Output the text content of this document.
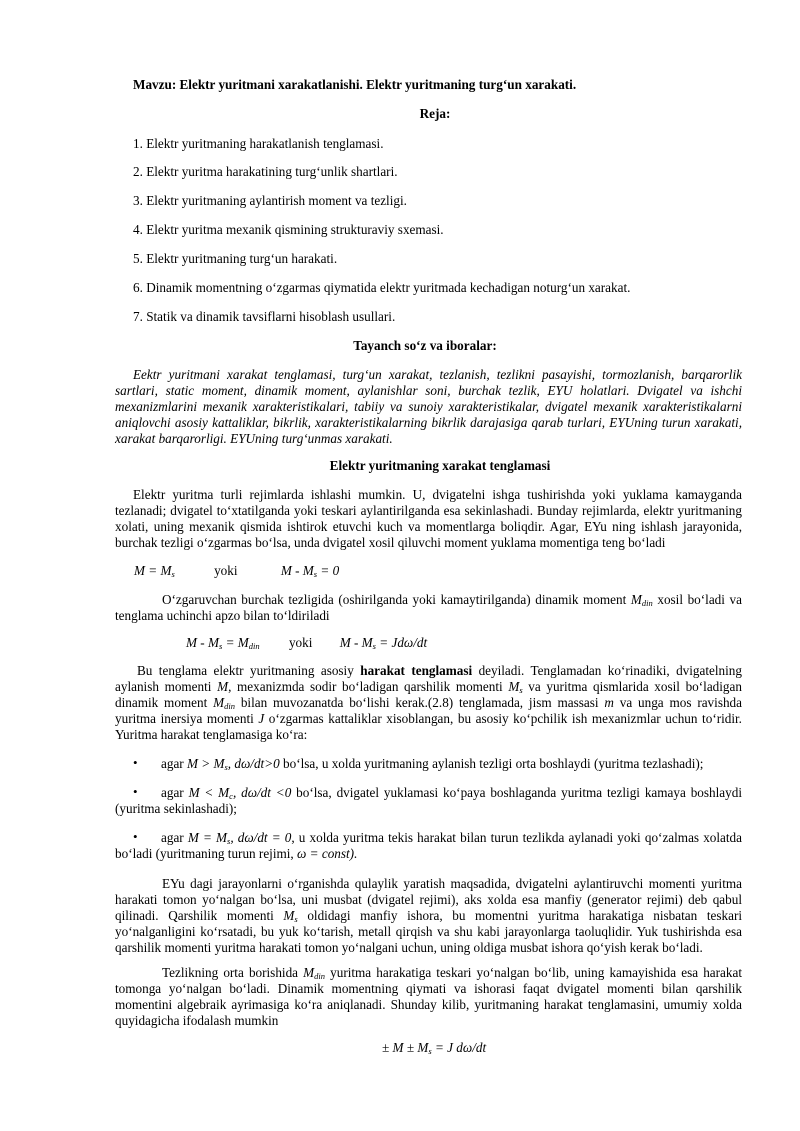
Mavzu: Elektr yuritmani xarakatlanishi. Elektr yuritmaning turg‘un xarakati.
Reja:
1. Elektr yuritmaning harakatlanish tenglamasi.
2. Elektr yuritma harakatining turg‘unlik shartlari.
3. Elektr yuritmaning aylantirish moment va tezligi.
4. Elektr yuritma mexanik qismining strukturaviy sxemasi.
5. Elektr yuritmaning turg‘un harakati.
6. Dinamik momentning o‘zgarmas qiymatida elektr yuritmada kechadigan noturg‘un xarakat.
7. Statik va dinamik tavsiflarni hisoblash usullari.
Tayanch so‘z va iboralar:
Eektr yuritmani xarakat tenglamasi, turg‘un xarakat, tezlanish, tezlikni pasayishi, tormozlanish, barqarorlik sartlari, static moment, dinamik moment, aylanishlar soni, burchak tezlik, EYU holatlari. Dvigatel va ishchi mexanizmlarini mexanik xarakteristikalari, tabiiy va sunoiy xarakteristikalar, dvigatel mexanik xarakteristikalarni aniqlovchi asosiy kattaliklar, bikrlik, xarakteristikalarning bikrlik darajasiga qarab turlari, EYUning turun xarakati, xarakat barqarorligi. EYUning turg‘unmas xarakati.
Elektr yuritmaning xarakat tenglamasi
Elektr yuritma turli rejimlarda ishlashi mumkin. U, dvigatelni ishga tushirishda yoki yuklama kamayganda tezlanadi; dvigatel to‘xtatilganda yoki teskari aylantirilganda esa sekinlashadi. Bunday rejimlarda, elektr yuritmaning xolati, uning mexanik qismida ishtirok etuvchi kuch va momentlarga boliqdir. Agar, EYu ning ishlash jarayonida, burchak tezligi o‘zgarmas bo‘lsa, unda dvigatel xosil qiluvchi moment yuklama momentiga teng bo‘ladi
$M = M_s$	yoki	$M - M_s = 0$
O‘zgaruvchan burchak tezligida (oshirilganda yoki kamaytirilganda) dinamik moment $M_{din}$ xosil bo‘ladi va tenglama uchinchi apzo bilan to‘ldiriladi
$M - M_s = M_{din}$ yoki $M - M_s = Jd\omega/dt$
Bu tenglama elektr yuritmaning asosiy harakat tenglamasi deyiladi. Tenglamadan ko‘rinadiki, dvigatelning aylanish momenti M, mexanizmda sodir bo‘ladigan qarshilik momenti $M_s$ va yuritma qismlarida xosil bo‘ladigan dinamik moment $M_{din}$ bilan muvozanatda bo‘lishi kerak.(2.8) tenglamada, jism massasi m va unga mos ravishda yuritma inersiya momenti J o‘zgarmas kattaliklar xisoblangan, bu asosiy ko‘pchilik ish mexanizmlar uchun to‘ridir. Yuritma harakat tenglamasiga ko‘ra:
•	agar $M > M_s$, dω/dt>0 bo‘lsa, u xolda yuritmaning aylanish tezligi orta boshlaydi (yuritma tezlashadi);
•	agar $M < M_c$, dω/dt <0 bo‘lsa, dvigatel yuklamasi ko‘paya boshlaganda yuritma tezligi kamaya boshlaydi (yuritma sekinlashadi);
•	agar $M = M_s$, dω/dt = 0, u xolda yuritma tekis harakat bilan turun tezlikda aylanadi yoki qo‘zalmas xolatda bo‘ladi (yuritmaning turun rejimi, ω = const).
EYu dagi jarayonlarni o‘rganishda qulaylik yaratish maqsadida, dvigatelni aylantiruvchi momenti yuritma harakati tomon yo‘nalgan bo‘lsa, uni musbat (dvigatel rejimi), aks xolda esa manfiy (generator rejimi) deb qabul qilinadi. Qarshilik momenti $M_s$ oldidagi manfiy ishora, bu momentni yuritma harakatiga nisbatan teskari yo‘nalganligini ko‘rsatadi, bu yuk ko‘tarish, metall qirqish va shu kabi jarayonlarga taoluqlidir. Yuk tushirishda esa qarshilik momenti yuritma harakati tomon yo‘nalgani uchun, uning oldiga musbat ishora qo‘yish kerak bo‘ladi.
Tezlikning orta borishida $M_{din}$ yuritma harakatiga teskari yo‘nalgan bo‘lib, uning kamayishida esa harakat tomonga yo‘nalgan bo‘ladi. Dinamik momentning qiymati va ishorasi faqat dvigatel momenti bilan qarshilik momentini algebraik ayrimasiga ko‘ra aniqlanadi. Shunday kilib, yuritmaning harakat tenglamasini, umumiy xolda quyidagicha ifodalash mumkin
± $M \pm M_s = J$ dω/dt
